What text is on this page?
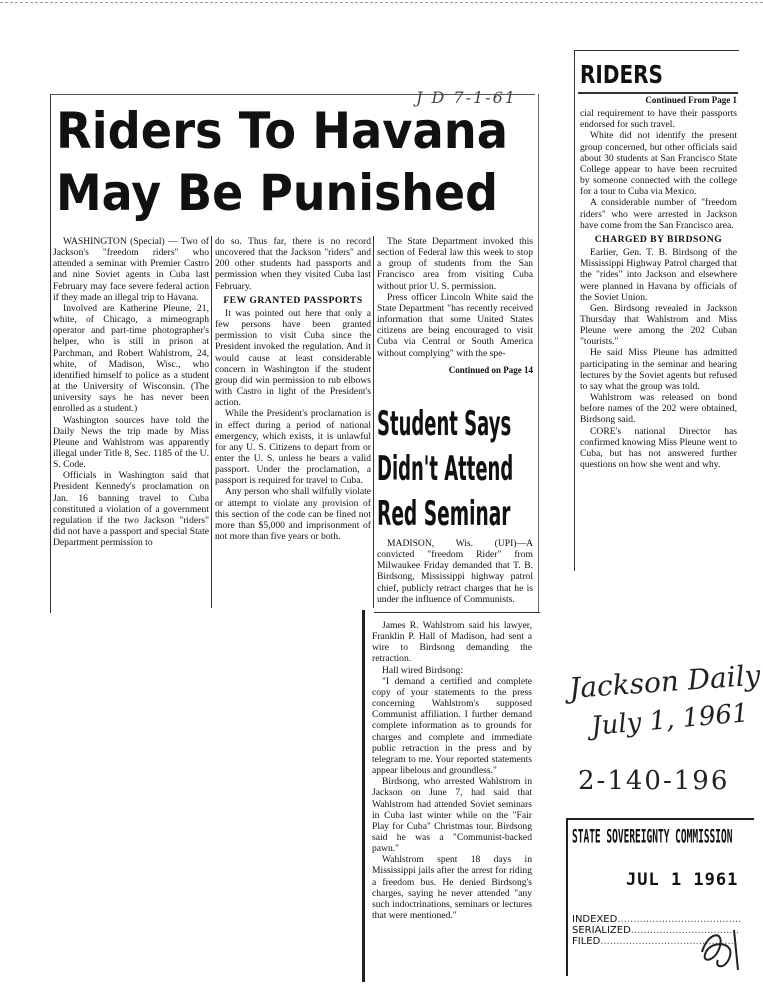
J D 7-1-61
Riders To Havana
May Be Punished

WASHINGTON (Special) — Two of Jackson's "freedom riders" who attended a seminar with Premier Castro and nine Soviet agents in Cuba last February may face severe federal action if they made an illegal trip to Havana.

Involved are Katherine Pleune, 21, white, of Chicago, a mimeograph operator and part-time photographer's helper, who is still in prison at Parchman, and Robert Wahlstrom, 24, white, of Madison, Wisc., who identified himself to police as a student at the University of Wisconsin. (The university says he has never been enrolled as a student.)

Washington sources have told the Daily News the trip made by Miss Pleune and Wahlstrom was apparently illegal under Title 8, Sec. 1185 of the U. S. Code.

Officials in Washington said that President Kennedy's proclamation on Jan. 16 banning travel to Cuba constituted a violation of a government regulation if the two Jackson "riders" did not have a passport and special State Department permission to

do so. Thus far, there is no record uncovered that the Jackson "riders" and 200 other students had passports and permission when they visited Cuba last February.

FEW GRANTED PASSPORTS

It was pointed out here that only a few persons have been granted permission to visit Cuba since the President invoked the regulation. And it would cause at least considerable concern in Washington if the student group did win permission to rub elbows with Castro in light of the President's action.

While the President's proclamation is in effect during a period of national emergency, which exists, it is unlawful for any U. S. Citizens to depart from or enter the U. S. unless he bears a valid passport. Under the proclamation, a passport is required for travel to Cuba.

Any person who shall wilfully violate or attempt to violate any provision of this section of the code can be fined not more than $5,000 and imprisonment of not more than five years or both.

The State Department invoked this section of Federal law this week to stop a group of students from the San Francisco area from visiting Cuba without prior U. S. permission.

Press officer Lincoln White said the State Department "has recently received information that some United States citizens are being encouraged to visit Cuba via Central or South America without complying" with the spe-

Continued on Page 14

Student Says
Didn't Attend
Red Seminar

MADISON, Wis. (UPI)—A convicted "freedom Rider" from Milwaukee Friday demanded that T. B. Birdsong, Mississippi highway patrol chief, publicly retract charges that he is under the influence of Communists.

James R. Wahlstrom said his lawyer, Franklin P. Hall of Madison, had sent a wire to Birdsong demanding the retraction.

Hall wired Birdsong:

"I demand a certified and complete copy of your statements to the press concerning Wahlstrom's supposed Communist affiliation. I further demand complete information as to grounds for charges and complete and immediate public retraction in the press and by telegram to me. Your reported statements appear libelous and groundless."

Birdsong, who arrested Wahlstrom in Jackson on June 7, had said that Wahlstrom had attended Soviet seminars in Cuba last winter while on the "Fair Play for Cuba" Christmas tour. Birdsong said he was a "Communist-backed pawn."

Wahlstrom spent 18 days in Mississippi jails after the arrest for riding a freedom bus. He denied Birdsong's charges, saying he never attended "any such indoctrinations, seminars or lectures that were mentioned."

RIDERS

Continued From Page 1

cial requirement to have their passports endorsed for such travel.

White did not identify the present group concerned, but other officials said about 30 students at San Francisco State College appear to have been recruited by someone connected with the college for a tour to Cuba via Mexico.

A considerable number of "freedom riders" who were arrested in Jackson have come from the San Francisco area.

CHARGED BY BIRDSONG

Earlier, Gen. T. B. Birdsong of the Mississippi Highway Patrol charged that the "rides" into Jackson and elsewhere were planned in Havana by officials of the Soviet Union.

Gen. Birdsong revealed in Jackson Thursday that Wahlstrom and Miss Pleune were among the 202 Cuban "tourists."

He said Miss Pleune has admitted participating in the seminar and hearing lectures by the Soviet agents but refused to say what the group was told.

Wahlstrom was released on bond before names of the 202 were obtained, Birdsong said.

CORE's national Director has confirmed knowing Miss Pleune went to Cuba, but has not answered further questions on how she went and why.

Jackson Daily
July 1, 1961
2-140-196
STATE SOVEREIGNTY COMMISSION
JUL 1 1961
INDEXED.......................................
SERIALIZED..................................
FILED...........................................
